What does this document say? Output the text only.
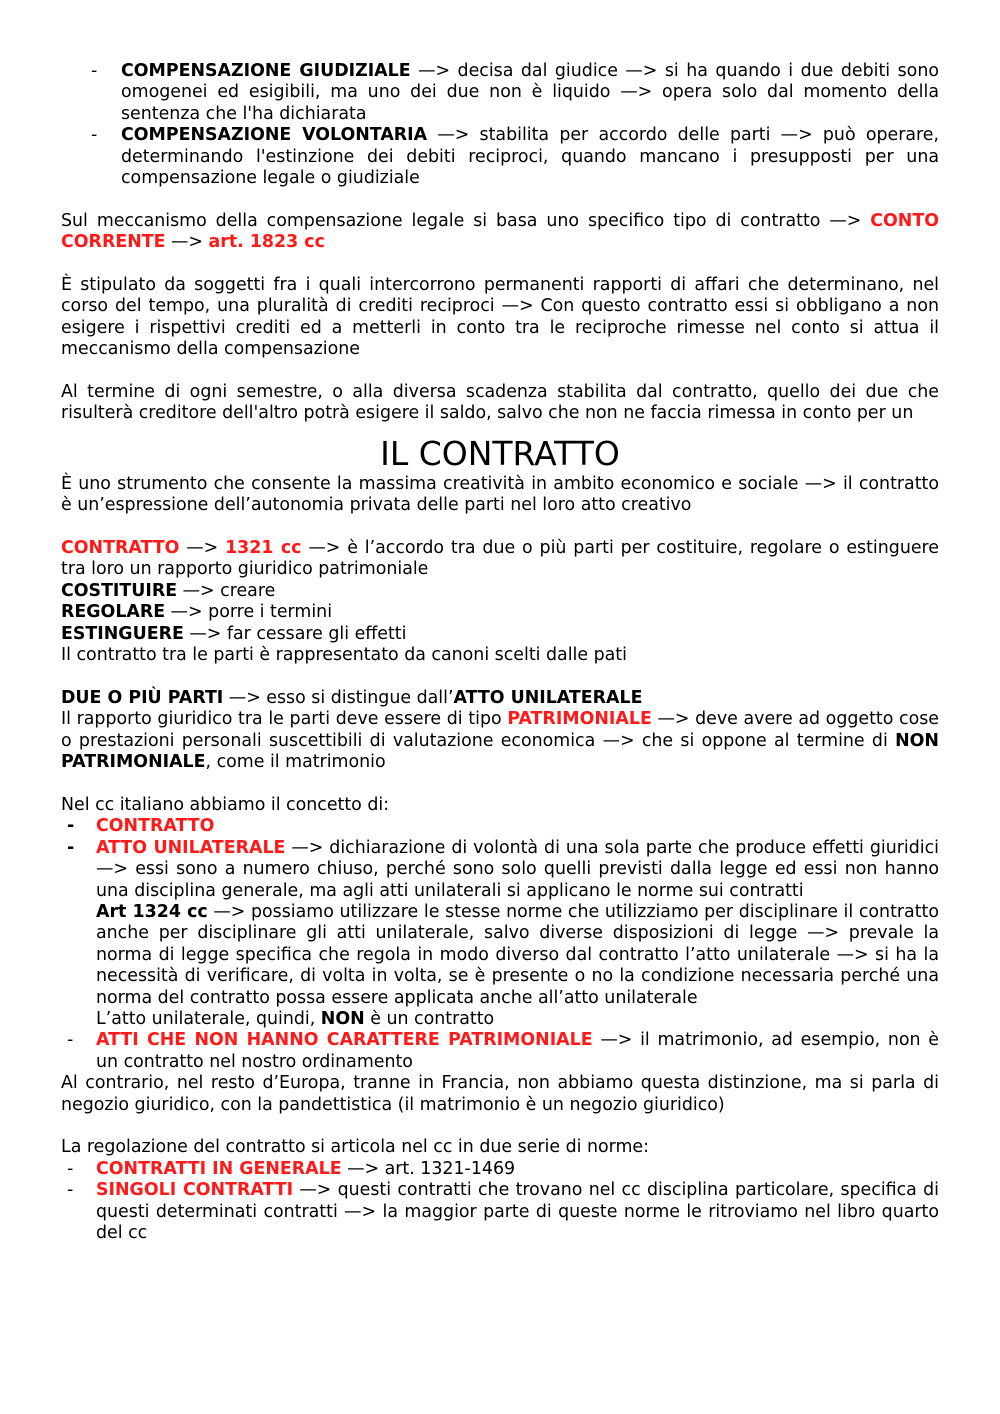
- COMPENSAZIONE GIUDIZIALE —> decisa dal giudice —> si ha quando i due debiti sono omogenei ed esigibili, ma uno dei due non è liquido —> opera solo dal momento della sentenza che l'ha dichiarata
- COMPENSAZIONE VOLONTARIA —> stabilita per accordo delle parti —> può operare, determinando l'estinzione dei debiti reciproci, quando mancano i presupposti per una compensazione legale o giudiziale

Sul meccanismo della compensazione legale si basa uno specifico tipo di contratto —> CONTO CORRENTE —> art. 1823 cc

È stipulato da soggetti fra i quali intercorrono permanenti rapporti di affari che determinano, nel corso del tempo, una pluralità di crediti reciproci —> Con questo contratto essi si obbligano a non esigere i rispettivi crediti ed a metterli in conto tra le reciproche rimesse nel conto si attua il meccanismo della compensazione

Al termine di ogni semestre, o alla diversa scadenza stabilita dal contratto, quello dei due che risulterà creditore dell'altro potrà esigere il saldo, salvo che non ne faccia rimessa in conto per un

IL CONTRATTO

È uno strumento che consente la massima creatività in ambito economico e sociale —> il contratto è un’espressione dell’autonomia privata delle parti nel loro atto creativo

CONTRATTO —> 1321 cc —> è l’accordo tra due o più parti per costituire, regolare o estinguere tra loro un rapporto giuridico patrimoniale

COSTITUIRE —> creare

REGOLARE —> porre i termini

ESTINGUERE —> far cessare gli effetti

Il contratto tra le parti è rappresentato da canoni scelti dalle pati

DUE O PIÙ PARTI —> esso si distingue dall’ATTO UNILATERALE

Il rapporto giuridico tra le parti deve essere di tipo PATRIMONIALE —> deve avere ad oggetto cose o prestazioni personali suscettibili di valutazione economica —> che si oppone al termine di NON PATRIMONIALE, come il matrimonio

Nel cc italiano abbiamo il concetto di:

- CONTRATTO
- ATTO UNILATERALE —> dichiarazione di volontà di una sola parte che produce effetti giuridici —> essi sono a numero chiuso, perché sono solo quelli previsti dalla legge ed essi non hanno una disciplina generale, ma agli atti unilaterali si applicano le norme sui contratti
Art 1324 cc —> possiamo utilizzare le stesse norme che utilizziamo per disciplinare il contratto anche per disciplinare gli atti unilaterale, salvo diverse disposizioni di legge —> prevale la norma di legge specifica che regola in modo diverso dal contratto l’atto unilaterale —> si ha la necessità di verificare, di volta in volta, se è presente o no la condizione necessaria perché una norma del contratto possa essere applicata anche all’atto unilaterale
L’atto unilaterale, quindi, NON è un contratto
- ATTI CHE NON HANNO CARATTERE PATRIMONIALE —> il matrimonio, ad esempio, non è un contratto nel nostro ordinamento

Al contrario, nel resto d’Europa, tranne in Francia, non abbiamo questa distinzione, ma si parla di negozio giuridico, con la pandettistica (il matrimonio è un negozio giuridico)

La regolazione del contratto si articola nel cc in due serie di norme:

- CONTRATTI IN GENERALE —> art. 1321-1469
- SINGOLI CONTRATTI —> questi contratti che trovano nel cc disciplina particolare, specifica di questi determinati contratti —> la maggior parte di queste norme le ritroviamo nel libro quarto del cc
